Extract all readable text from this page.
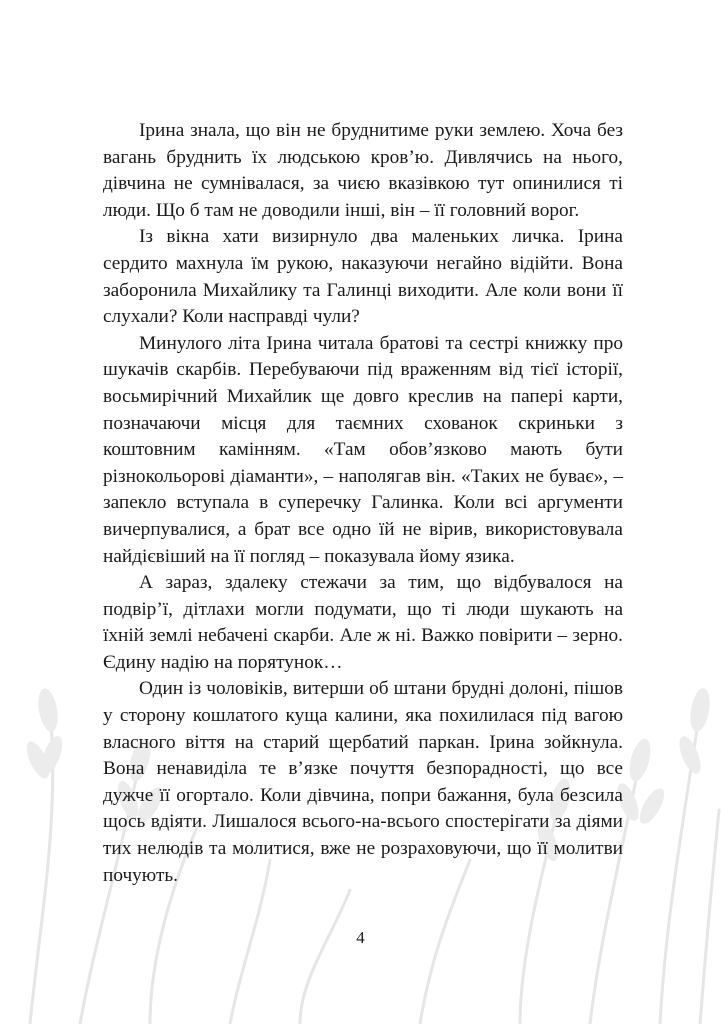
Ірина знала, що він не бруднитиме руки землею. Хоча без вагань бруднить їх людською кров’ю. Дивлячись на нього, дівчина не сумнівалася, за чиєю вказівкою тут опинилися ті люди. Що б там не доводили інші, він – її головний ворог.

Із вікна хати визирнуло два маленьких личка. Ірина сердито махнула їм рукою, наказуючи негайно відійти. Вона заборонила Михайлику та Галинці виходити. Але коли вони її слухали? Коли насправді чули?

Минулого літа Ірина читала братові та сестрі книжку про шукачів скарбів. Перебуваючи під враженням від тієї історії, восьмирічний Михайлик ще довго креслив на папері карти, позначаючи місця для таємних схованок скриньки з коштовним камінням. «Там обов’язково мають бути різнокольорові діаманти», – наполягав він. «Таких не буває», – запекло вступала в суперечку Галинка. Коли всі аргументи вичерпувалися, а брат все одно їй не вірив, використовувала найдієвіший на її погляд – показувала йому язика.

А зараз, здалеку стежачи за тим, що відбувалося на подвір’ї, дітлахи могли подумати, що ті люди шукають на їхній землі небачені скарби. Але ж ні. Важко повірити – зерно. Єдину надію на порятунок…

Один із чоловіків, витерши об штани брудні долоні, пішов у сторону кошлатого куща калини, яка похилилася під вагою власного віття на старий щербатий паркан. Ірина зойкнула. Вона ненавиділа те в’язке почуття безпорадності, що все дужче її огортало. Коли дівчина, попри бажання, була безсила щось вдіяти. Лишалося всього-на-всього спостерігати за діями тих нелюдів та молитися, вже не розраховуючи, що її молитви почують.

4
